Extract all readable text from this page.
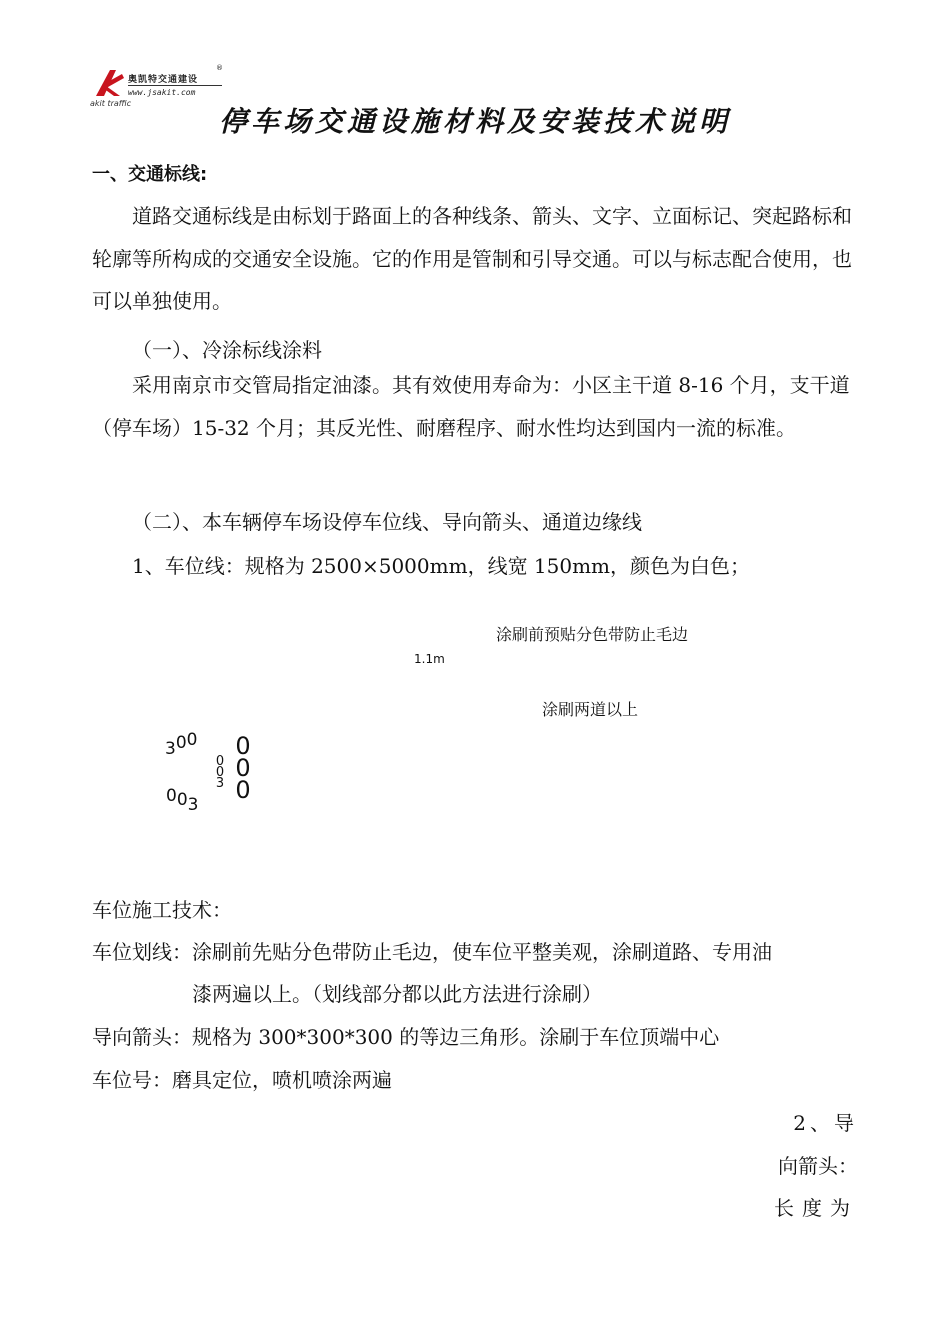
奥凯特交通建设
®
www.jsakit.com
akit traffic
停车场交通设施材料及安装技术说明
一、交通标线:
道路交通标线是由标划于路面上的各种线条、箭头、文字、立面标记、突起路标和轮廓等所构成的交通安全设施。它的作用是管制和引导交通。可以与标志配合使用，也可以单独使用。
（一）、冷涂标线涂料
采用南京市交管局指定油漆。其有效使用寿命为：小区主干道 8-16 个月，支干道（停车场）15-32 个月；其反光性、耐磨程序、耐水性均达到国内一流的标准。
（二）、本车辆停车场设停车位线、导向箭头、通道边缘线
1、车位线：规格为 2500×5000mm，线宽 150mm，颜色为白色；
涂刷前预贴分色带防止毛边
1.1m
涂刷两道以上
300
003
0
0
3
0
0
0
车位施工技术：
车位划线：涂刷前先贴分色带防止毛边，使车位平整美观，涂刷道路、专用油
漆两遍以上。（划线部分都以此方法进行涂刷）
导向箭头：规格为 300*300*300 的等边三角形。涂刷于车位顶端中心
车位号：磨具定位，喷机喷涂两遍
2、导
向箭头：
长度为
